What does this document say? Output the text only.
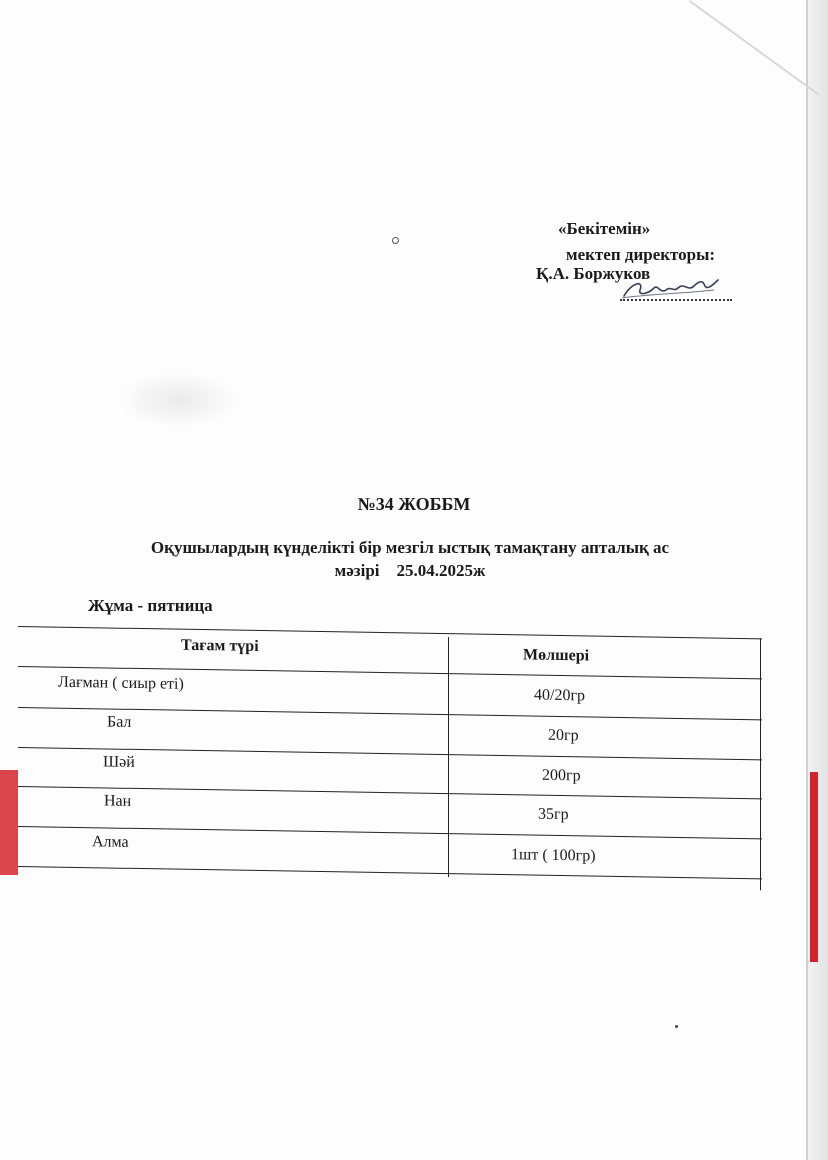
«Бекітемін»
мектеп директоры:
Қ.А. Боржуков
№34 ЖОББМ
Оқушылардың күнделікті бір мезгіл ыстық тамақтану апталық ас
мәзірі 25.04.2025ж
Жұма - пятница
Тағам түрі
Мөлшері
Лағман ( сиыр еті)
40/20гр
Бал
20гр
Шәй
200гр
Нан
35гр
Алма
1шт ( 100гр)
